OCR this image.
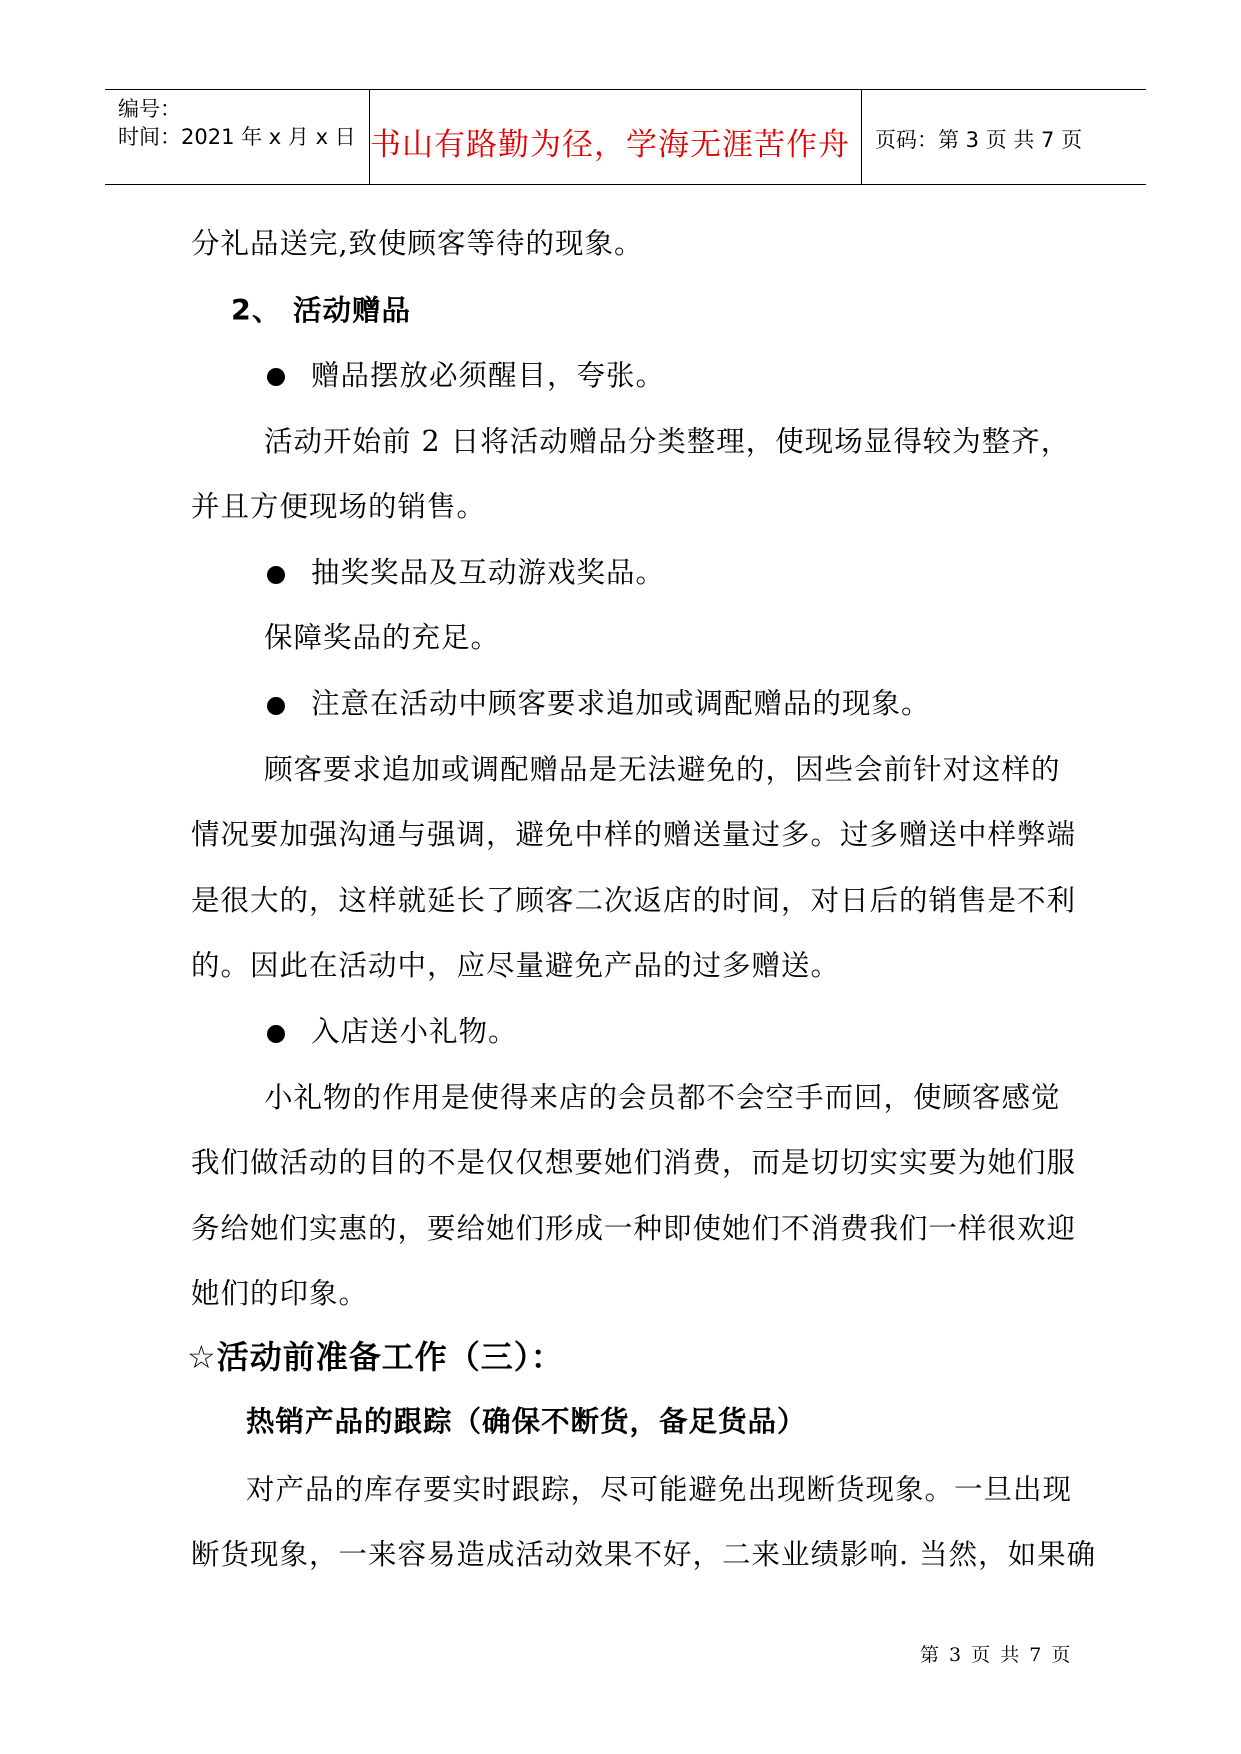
编号：
时间：2021 年 x 月 x 日 书山有路勤为径，学海无涯苦作舟 页码：第 3 页 共 7 页
分礼品送完,致使顾客等待的现象。
2、 活动赠品
赠品摆放必须醒目，夸张。
活动开始前 2 日将活动赠品分类整理，使现场显得较为整齐，
并且方便现场的销售。
抽奖奖品及互动游戏奖品。
保障奖品的充足。
注意在活动中顾客要求追加或调配赠品的现象。
顾客要求追加或调配赠品是无法避免的，因些会前针对这样的
情况要加强沟通与强调，避免中样的赠送量过多。过多赠送中样弊端
是很大的，这样就延长了顾客二次返店的时间，对日后的销售是不利
的。因此在活动中，应尽量避免产品的过多赠送。
入店送小礼物。
小礼物的作用是使得来店的会员都不会空手而回，使顾客感觉
我们做活动的目的不是仅仅想要她们消费，而是切切实实要为她们服
务给她们实惠的，要给她们形成一种即使她们不消费我们一样很欢迎
她们的印象。
☆活动前准备工作（三）：
热销产品的跟踪（确保不断货，备足货品）
对产品的库存要实时跟踪，尽可能避免出现断货现象。一旦出现
断货现象，一来容易造成活动效果不好，二来业绩影响. 当然，如果确
第 3 页 共 7 页
